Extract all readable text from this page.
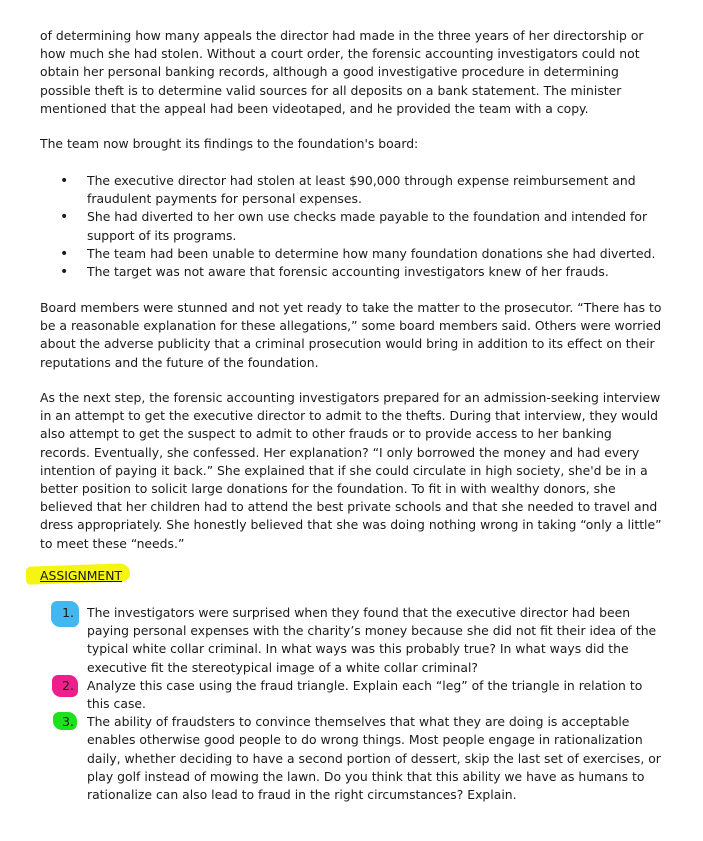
of determining how many appeals the director had made in the three years of her directorship or how much she had stolen. Without a court order, the forensic accounting investigators could not obtain her personal banking records, although a good investigative procedure in determining possible theft is to determine valid sources for all deposits on a bank statement. The minister mentioned that the appeal had been videotaped, and he provided the team with a copy.

The team now brought its findings to the foundation's board:

• The executive director had stolen at least $90,000 through expense reimbursement and fraudulent payments for personal expenses.
• She had diverted to her own use checks made payable to the foundation and intended for support of its programs.
• The team had been unable to determine how many foundation donations she had diverted.
• The target was not aware that forensic accounting investigators knew of her frauds.

Board members were stunned and not yet ready to take the matter to the prosecutor. “There has to be a reasonable explanation for these allegations,” some board members said. Others were worried about the adverse publicity that a criminal prosecution would bring in addition to its effect on their reputations and the future of the foundation.

As the next step, the forensic accounting investigators prepared for an admission-seeking interview in an attempt to get the executive director to admit to the thefts. During that interview, they would also attempt to get the suspect to admit to other frauds or to provide access to her banking records. Eventually, she confessed. Her explanation? “I only borrowed the money and had every intention of paying it back.” She explained that if she could circulate in high society, she'd be in a better position to solicit large donations for the foundation. To fit in with wealthy donors, she believed that her children had to attend the best private schools and that she needed to travel and dress appropriately. She honestly believed that she was doing nothing wrong in taking “only a little” to meet these “needs.”

ASSIGNMENT
1.	The investigators were surprised when they found that the executive director had been paying personal expenses with the charity’s money because she did not fit their idea of the typical white collar criminal. In what ways was this probably true? In what ways did the executive fit the stereotypical image of a white collar criminal?
2.	Analyze this case using the fraud triangle. Explain each “leg” of the triangle in relation to this case.
3.	The ability of fraudsters to convince themselves that what they are doing is acceptable enables otherwise good people to do wrong things. Most people engage in rationalization daily, whether deciding to have a second portion of dessert, skip the last set of exercises, or play golf instead of mowing the lawn. Do you think that this ability we have as humans to rationalize can also lead to fraud in the right circumstances? Explain.
